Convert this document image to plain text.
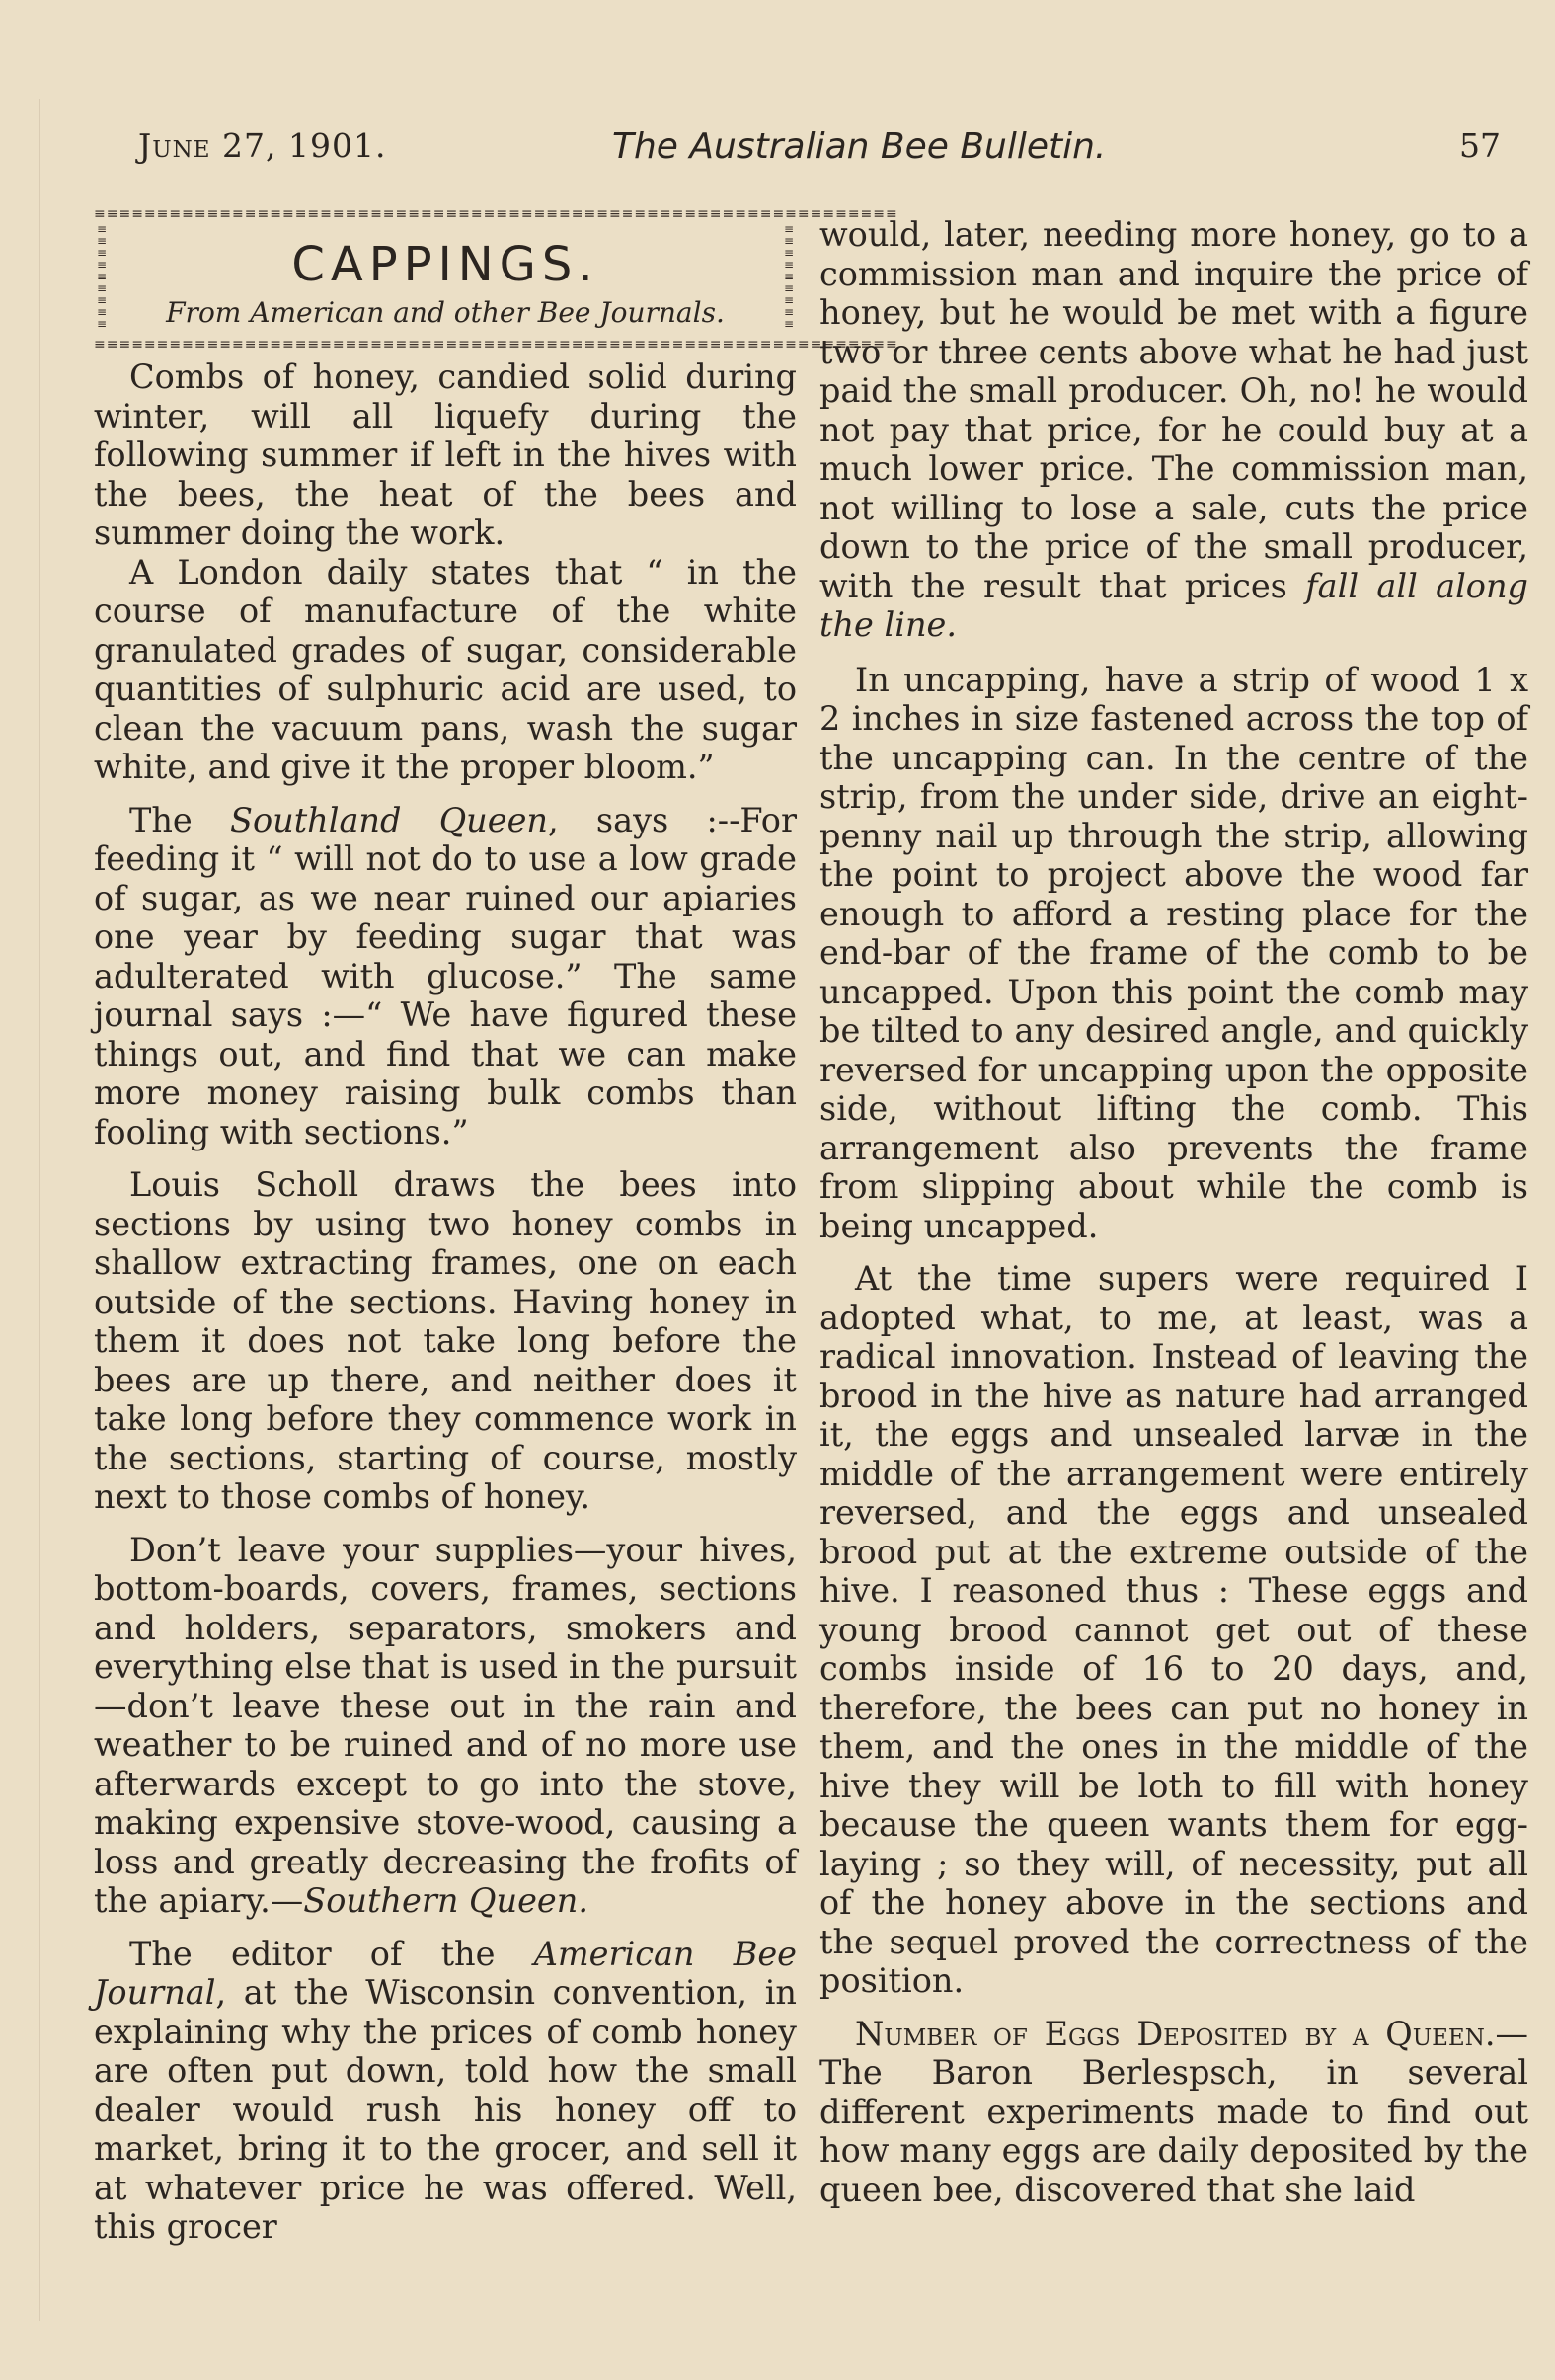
June 27, 1901.	The Australian Bee Bulletin.	57
≡≡≡≡≡≡≡≡≡≡≡≡≡≡≡≡≡≡≡≡≡≡≡≡≡≡≡≡≡≡≡≡≡≡≡≡≡≡≡≡≡≡≡≡≡≡≡≡≡≡≡≡≡≡≡≡≡≡≡≡≡≡≡≡
≡
≡
≡
≡
≡
≡
≡
≡
≡
≡
≡
≡
≡
≡
≡
≡
≡
≡
CAPPINGS.
From American and other Bee Journals.
≡≡≡≡≡≡≡≡≡≡≡≡≡≡≡≡≡≡≡≡≡≡≡≡≡≡≡≡≡≡≡≡≡≡≡≡≡≡≡≡≡≡≡≡≡≡≡≡≡≡≡≡≡≡≡≡≡≡≡≡≡≡≡≡

Combs of honey, candied solid during winter, will all liquefy during the following summer if left in the hives with the bees, the heat of the bees and summer doing the work.

A London daily states that “ in the course of manufacture of the white granulated grades of sugar, considerable quantities of sulphuric acid are used, to clean the vacuum pans, wash the sugar white, and give it the proper bloom.”

The Southland Queen, says :--For feeding it “ will not do to use a low grade of sugar, as we near ruined our apiaries one year by feeding sugar that was adulterated with glucose.” The same journal says :—“ We have figured these things out, and find that we can make more money raising bulk combs than fooling with sections.”

Louis Scholl draws the bees into sections by using two honey combs in shallow extracting frames, one on each outside of the sections. Having honey in them it does not take long before the bees are up there, and neither does it take long before they commence work in the sections, starting of course, mostly next to those combs of honey.

Don’t leave your supplies—your hives, bottom-boards, covers, frames, sections and holders, separators, smokers and everything else that is used in the pursuit—don’t leave these out in the rain and weather to be ruined and of no more use afterwards except to go into the stove, making expensive stove-wood, causing a loss and greatly decreasing the frofits of the apiary.—Southern Queen.

The editor of the American Bee Journal, at the Wisconsin convention, in explaining why the prices of comb honey are often put down, told how the small dealer would rush his honey off to market, bring it to the grocer, and sell it at whatever price he was offered. Well, this grocer

would, later, needing more honey, go to a commission man and inquire the price of honey, but he would be met with a figure two or three cents above what he had just paid the small producer. Oh, no! he would not pay that price, for he could buy at a much lower price. The commission man, not willing to lose a sale, cuts the price down to the price of the small producer, with the result that prices fall all along the line.

In uncapping, have a strip of wood 1 x 2 inches in size fastened across the top of the uncapping can. In the centre of the strip, from the under side, drive an eight-penny nail up through the strip, allowing the point to project above the wood far enough to afford a resting place for the end-bar of the frame of the comb to be uncapped. Upon this point the comb may be tilted to any desired angle, and quickly reversed for uncapping upon the opposite side, without lifting the comb. This arrangement also prevents the frame from slipping about while the comb is being uncapped.

At the time supers were required I adopted what, to me, at least, was a radical innovation. Instead of leaving the brood in the hive as nature had arranged it, the eggs and unsealed larvæ in the middle of the arrangement were entirely reversed, and the eggs and unsealed brood put at the extreme outside of the hive. I reasoned thus : These eggs and young brood cannot get out of these combs inside of 16 to 20 days, and, therefore, the bees can put no honey in them, and the ones in the middle of the hive they will be loth to fill with honey because the queen wants them for egg-laying ; so they will, of necessity, put all of the honey above in the sections and the sequel proved the correctness of the position.

Number of Eggs Deposited by a Queen.—The Baron Berlespsch, in several different experiments made to find out how many eggs are daily deposited by the queen bee, discovered that she laid
